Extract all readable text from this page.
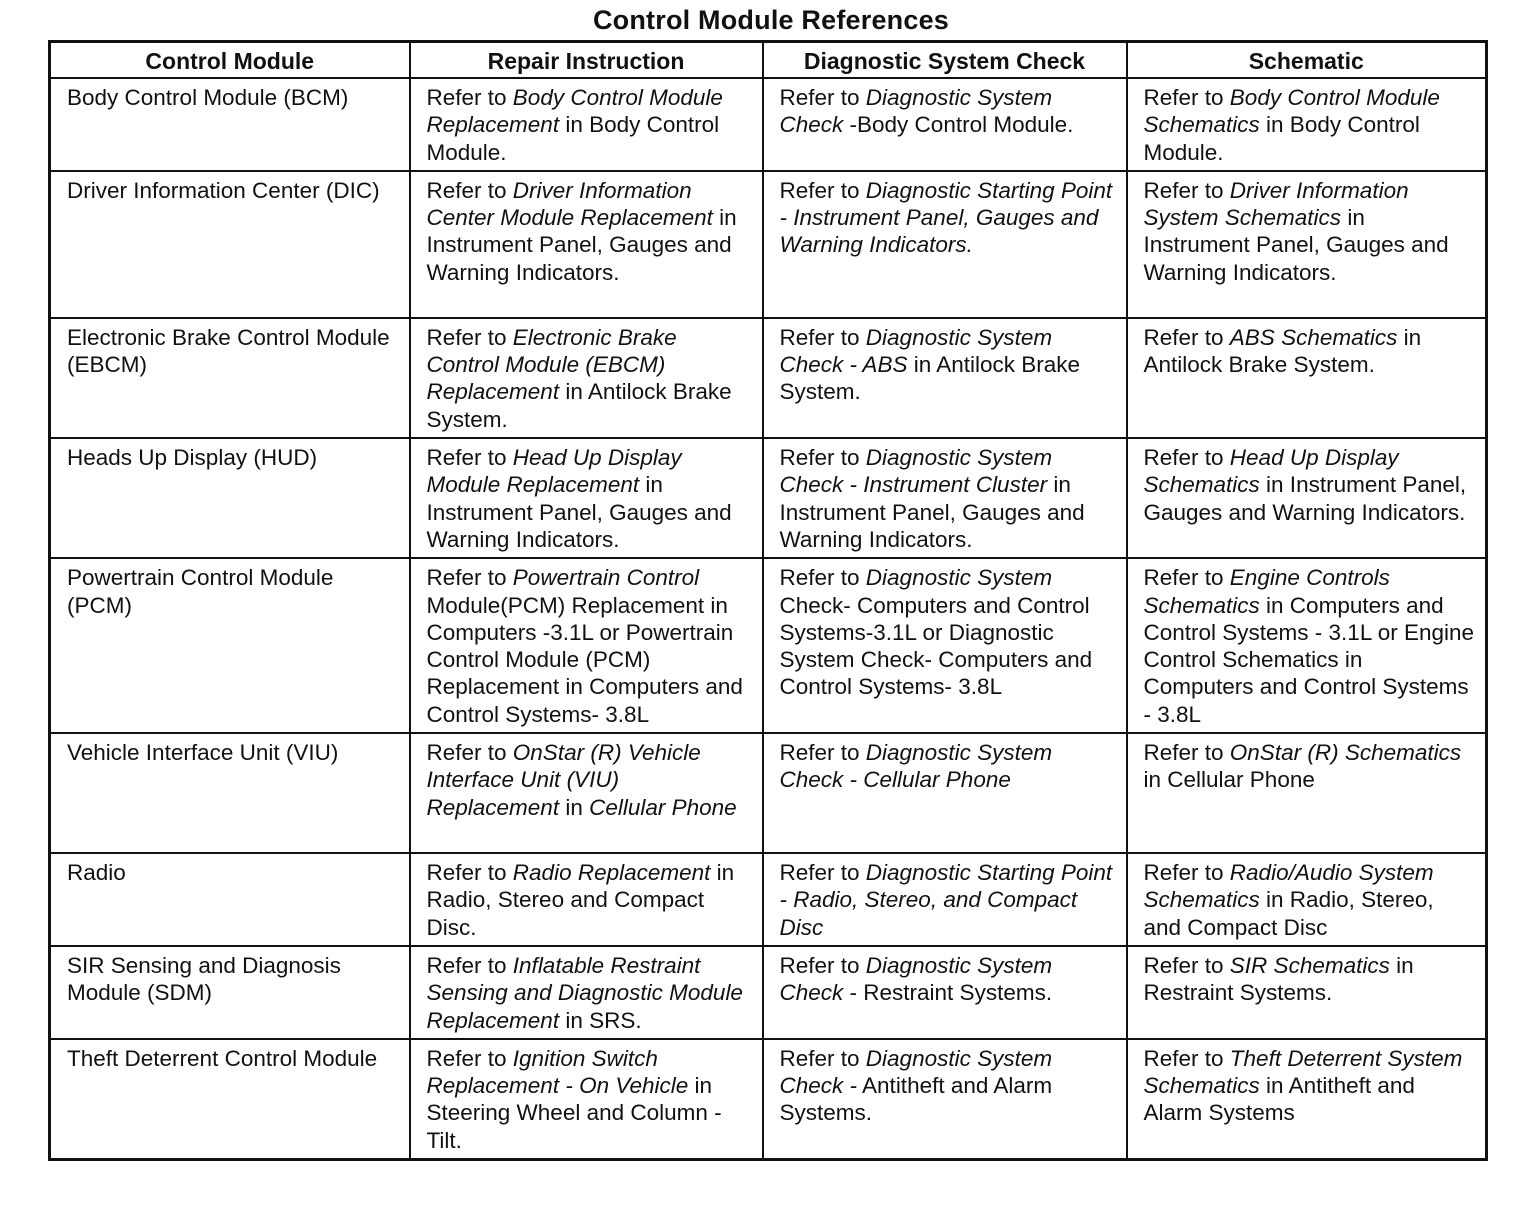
Control Module References
Control Module	Repair Instruction	Diagnostic System Check	Schematic
Body Control Module (BCM)	Refer to Body Control Module Replacement in Body Control Module.	Refer to Diagnostic System Check -Body Control Module.	Refer to Body Control Module Schematics in Body Control Module.
Driver Information Center (DIC)	Refer to Driver Information Center Module Replacement in Instrument Panel, Gauges and Warning Indicators.	Refer to Diagnostic Starting Point - Instrument Panel, Gauges and Warning Indicators.	Refer to Driver Information System Schematics in Instrument Panel, Gauges and Warning Indicators.
Electronic Brake Control Module (EBCM)	Refer to Electronic Brake Control Module (EBCM) Replacement in Antilock Brake System.	Refer to Diagnostic System Check - ABS in Antilock Brake System.	Refer to ABS Schematics in Antilock Brake System.
Heads Up Display (HUD)	Refer to Head Up Display Module Replacement in Instrument Panel, Gauges and Warning Indicators.	Refer to Diagnostic System Check - Instrument Cluster in Instrument Panel, Gauges and Warning Indicators.	Refer to Head Up Display Schematics in Instrument Panel, Gauges and Warning Indicators.
Powertrain Control Module (PCM)	Refer to Powertrain Control Module(PCM) Replacement in Computers -3.1L or Powertrain Control Module (PCM) Replacement in Computers and Control Systems- 3.8L	Refer to Diagnostic System Check- Computers and Control Systems-3.1L or Diagnostic System Check- Computers and Control Systems- 3.8L	Refer to Engine Controls Schematics in Computers and Control Systems - 3.1L or Engine Control Schematics in Computers and Control Systems - 3.8L
Vehicle Interface Unit (VIU)	Refer to OnStar (R) Vehicle Interface Unit (VIU) Replacement in Cellular Phone	Refer to Diagnostic System Check - Cellular Phone	Refer to OnStar (R) Schematics in Cellular Phone
Radio	Refer to Radio Replacement in Radio, Stereo and Compact Disc.	Refer to Diagnostic Starting Point - Radio, Stereo, and Compact Disc	Refer to Radio/Audio System Schematics in Radio, Stereo, and Compact Disc
SIR Sensing and Diagnosis Module (SDM)	Refer to Inflatable Restraint Sensing and Diagnostic Module Replacement in SRS.	Refer to Diagnostic System Check - Restraint Systems.	Refer to SIR Schematics in Restraint Systems.
Theft Deterrent Control Module	Refer to Ignition Switch Replacement - On Vehicle in Steering Wheel and Column - Tilt.	Refer to Diagnostic System Check - Antitheft and Alarm Systems.	Refer to Theft Deterrent System Schematics in Antitheft and Alarm Systems
